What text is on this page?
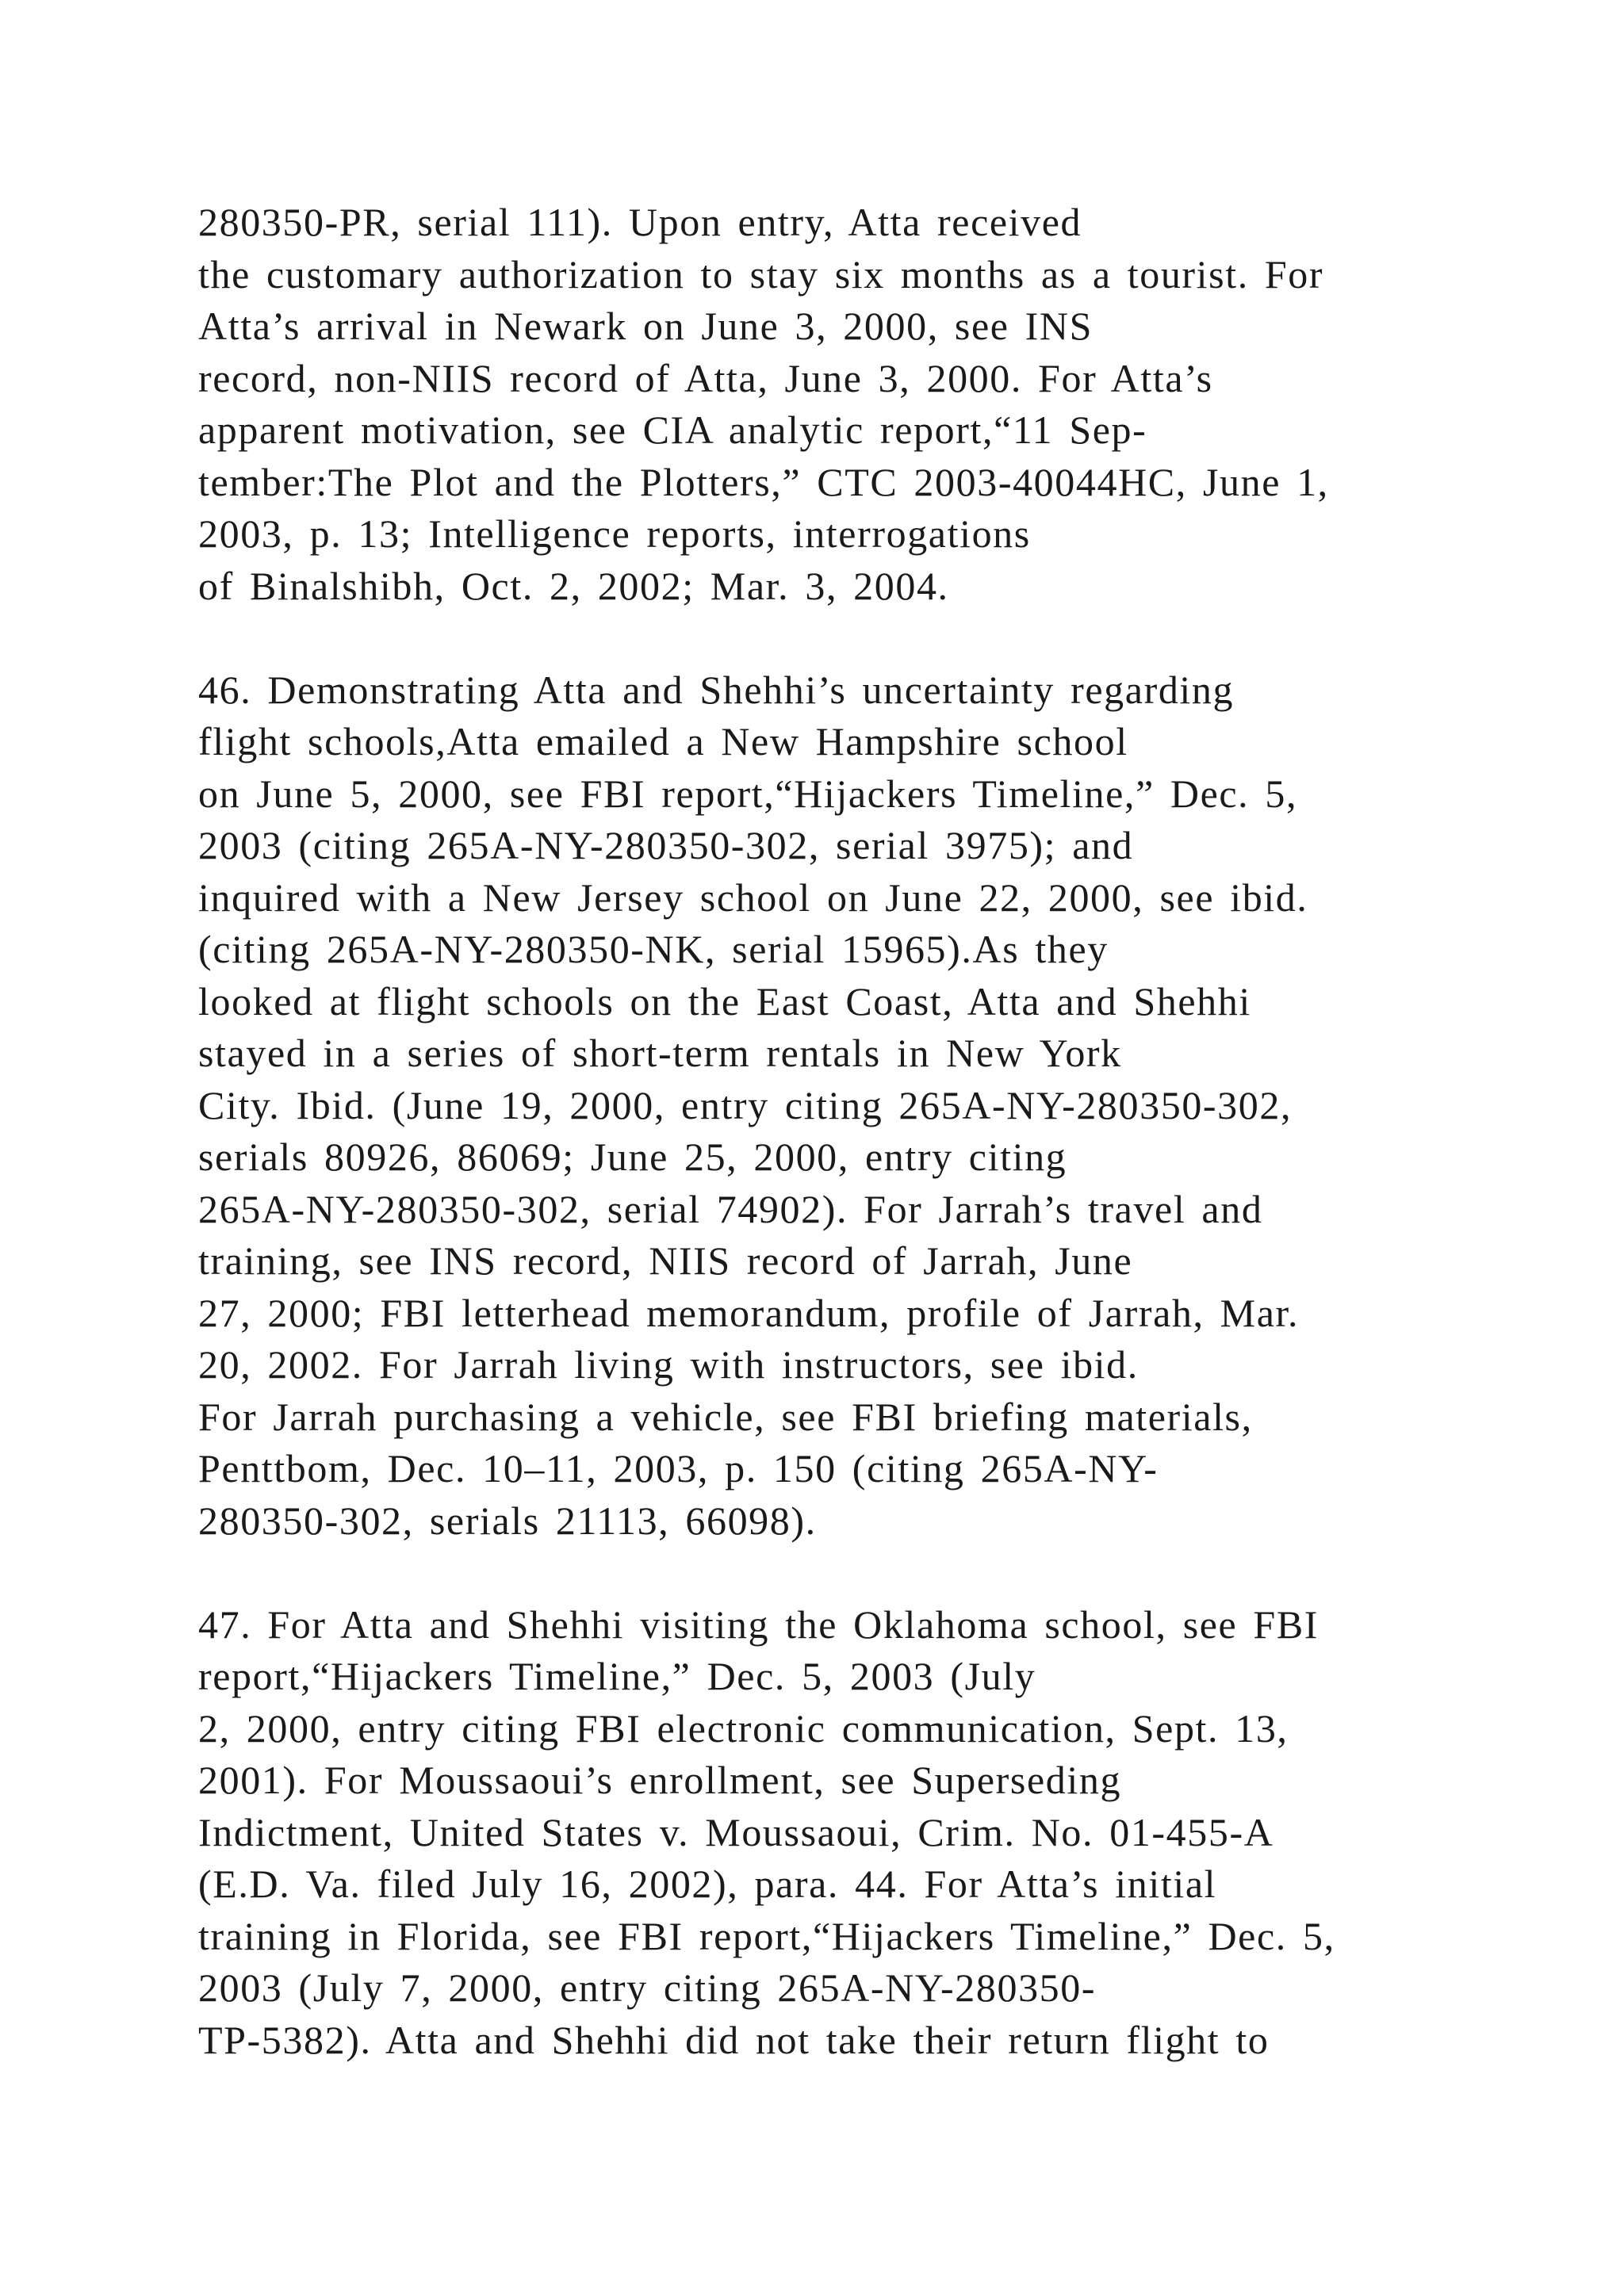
280350-PR, serial 111). Upon entry, Atta received
the customary authorization to stay six months as a tourist. For
Atta’s arrival in Newark on June 3, 2000, see INS
record, non-NIIS record of Atta, June 3, 2000. For Atta’s
apparent motivation, see CIA analytic report,“11 Sep-
tember:The Plot and the Plotters,” CTC 2003-40044HC, June 1,
2003, p. 13; Intelligence reports, interrogations
of Binalshibh, Oct. 2, 2002; Mar. 3, 2004.
46. Demonstrating Atta and Shehhi’s uncertainty regarding
flight schools,Atta emailed a New Hampshire school
on June 5, 2000, see FBI report,“Hijackers Timeline,” Dec. 5,
2003 (citing 265A-NY-280350-302, serial 3975); and
inquired with a New Jersey school on June 22, 2000, see ibid.
(citing 265A-NY-280350-NK, serial 15965).As they
looked at flight schools on the East Coast, Atta and Shehhi
stayed in a series of short-term rentals in New York
City. Ibid. (June 19, 2000, entry citing 265A-NY-280350-302,
serials 80926, 86069; June 25, 2000, entry citing
265A-NY-280350-302, serial 74902). For Jarrah’s travel and
training, see INS record, NIIS record of Jarrah, June
27, 2000; FBI letterhead memorandum, profile of Jarrah, Mar.
20, 2002. For Jarrah living with instructors, see ibid.
For Jarrah purchasing a vehicle, see FBI briefing materials,
Penttbom, Dec. 10–11, 2003, p. 150 (citing 265A-NY-
280350-302, serials 21113, 66098).
47. For Atta and Shehhi visiting the Oklahoma school, see FBI
report,“Hijackers Timeline,” Dec. 5, 2003 (July
2, 2000, entry citing FBI electronic communication, Sept. 13,
2001). For Moussaoui’s enrollment, see Superseding
Indictment, United States v. Moussaoui, Crim. No. 01-455-A
(E.D. Va. filed July 16, 2002), para. 44. For Atta’s initial
training in Florida, see FBI report,“Hijackers Timeline,” Dec. 5,
2003 (July 7, 2000, entry citing 265A-NY-280350-
TP-5382). Atta and Shehhi did not take their return flight to
